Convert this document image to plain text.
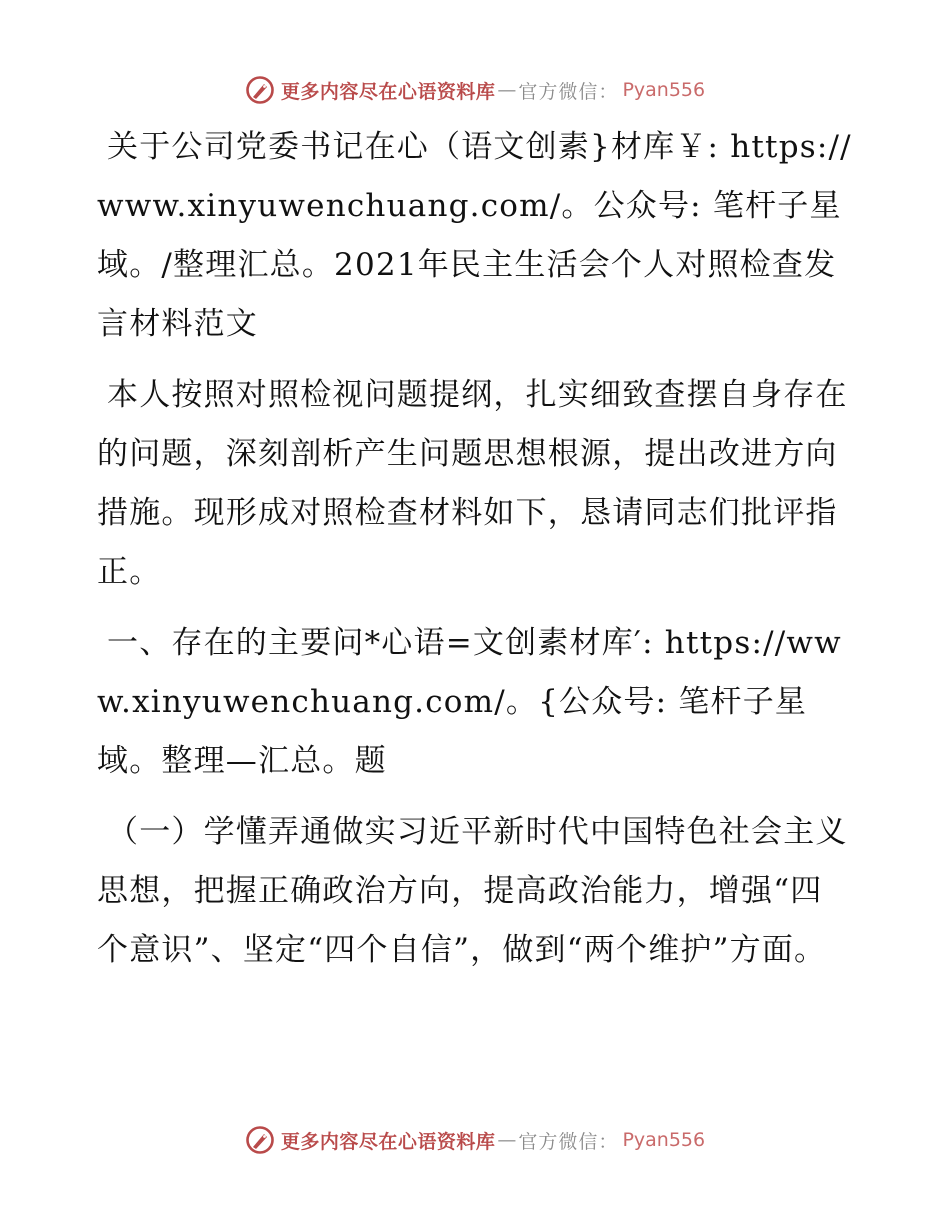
更多内容尽在心语资料库 — 官方微信： Pyan556

关于公司党委书记在心（语文创素}材库￥: https://www.xinyuwenchuang.com/。公众号: 笔杆子星域。/整理汇总。2021年民主生活会个人对照检查发言材料范文

本人按照对照检视问题提纲，扎实细致查摆自身存在的问题，深刻剖析产生问题思想根源，提出改进方向措施。现形成对照检查材料如下，恳请同志们批评指正。

一、存在的主要问*心语=文创素材库′: https://www.xinyuwenchuang.com/。{公众号: 笔杆子星域。整理—汇总。题

（一）学懂弄通做实习近平新时代中国特色社会主义思想，把握正确政治方向，提高政治能力，增强“四个意识”、坚定“四个自信”，做到“两个维护”方面。

更多内容尽在心语资料库 — 官方微信： Pyan556
